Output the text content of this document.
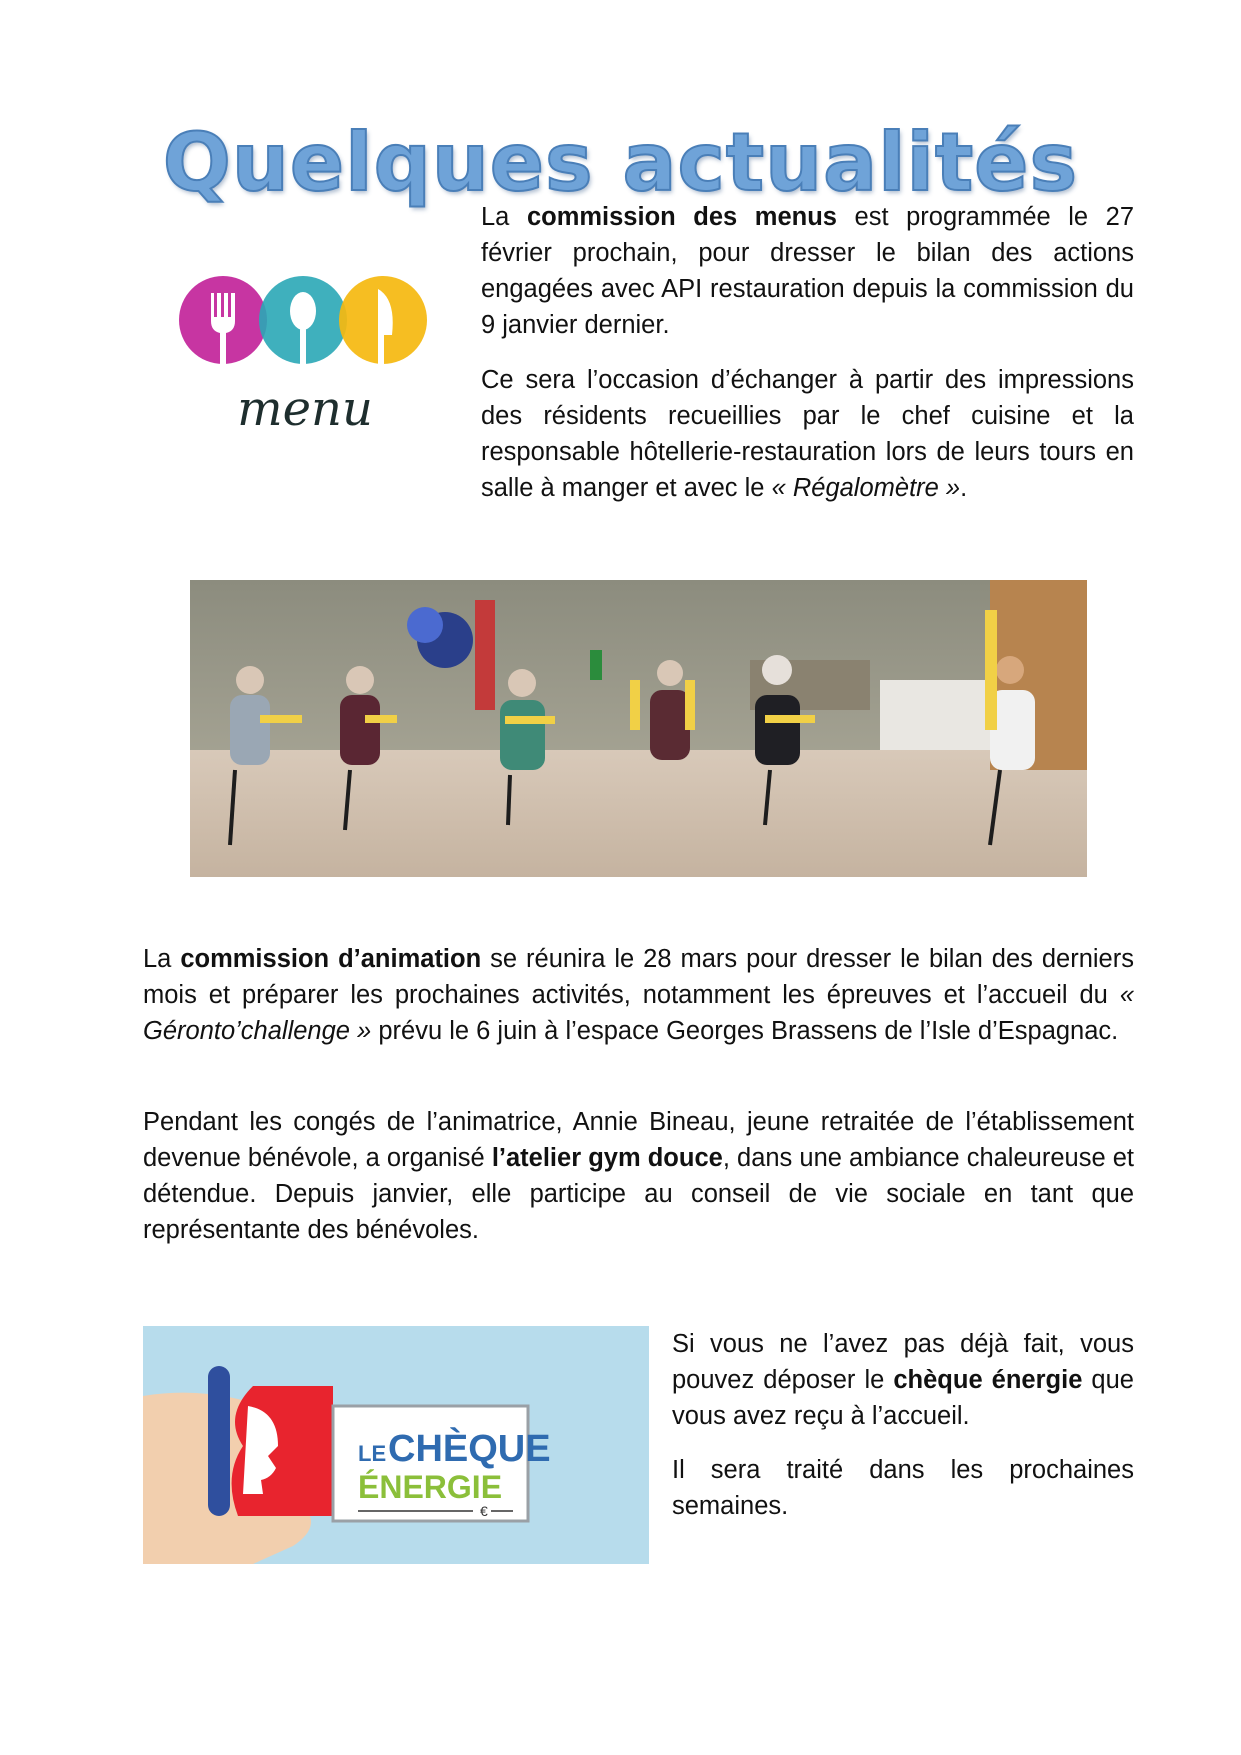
Quelques actualités
menu

La commission des menus est programmée le 27 février prochain, pour dresser le bilan des actions engagées avec API restauration depuis la commission du 9 janvier dernier.

Ce sera l’occasion d’échanger à partir des impressions des résidents recueillies par le chef cuisine et la responsable hôtellerie-restauration lors de leurs tours en salle à manger et avec le « Régalomètre ».

La commission d’animation se réunira le 28 mars pour dresser le bilan des derniers mois et préparer les prochaines activités, notamment les épreuves et l’accueil du « Géronto’challenge » prévu le 6 juin à l’espace Georges Brassens de l’Isle d’Espagnac.

Pendant les congés de l’animatrice, Annie Bineau, jeune retraitée de l’établissement devenue bénévole, a organisé l’atelier gym douce, dans une ambiance chaleureuse et détendue. Depuis janvier, elle participe au conseil de vie sociale en tant que représentante des bénévoles.

LE CHÈQUE
ÉNERGIE
€

Si vous ne l’avez pas déjà fait, vous pouvez déposer le chèque énergie que vous avez reçu à l’accueil.

Il sera traité dans les prochaines semaines.
